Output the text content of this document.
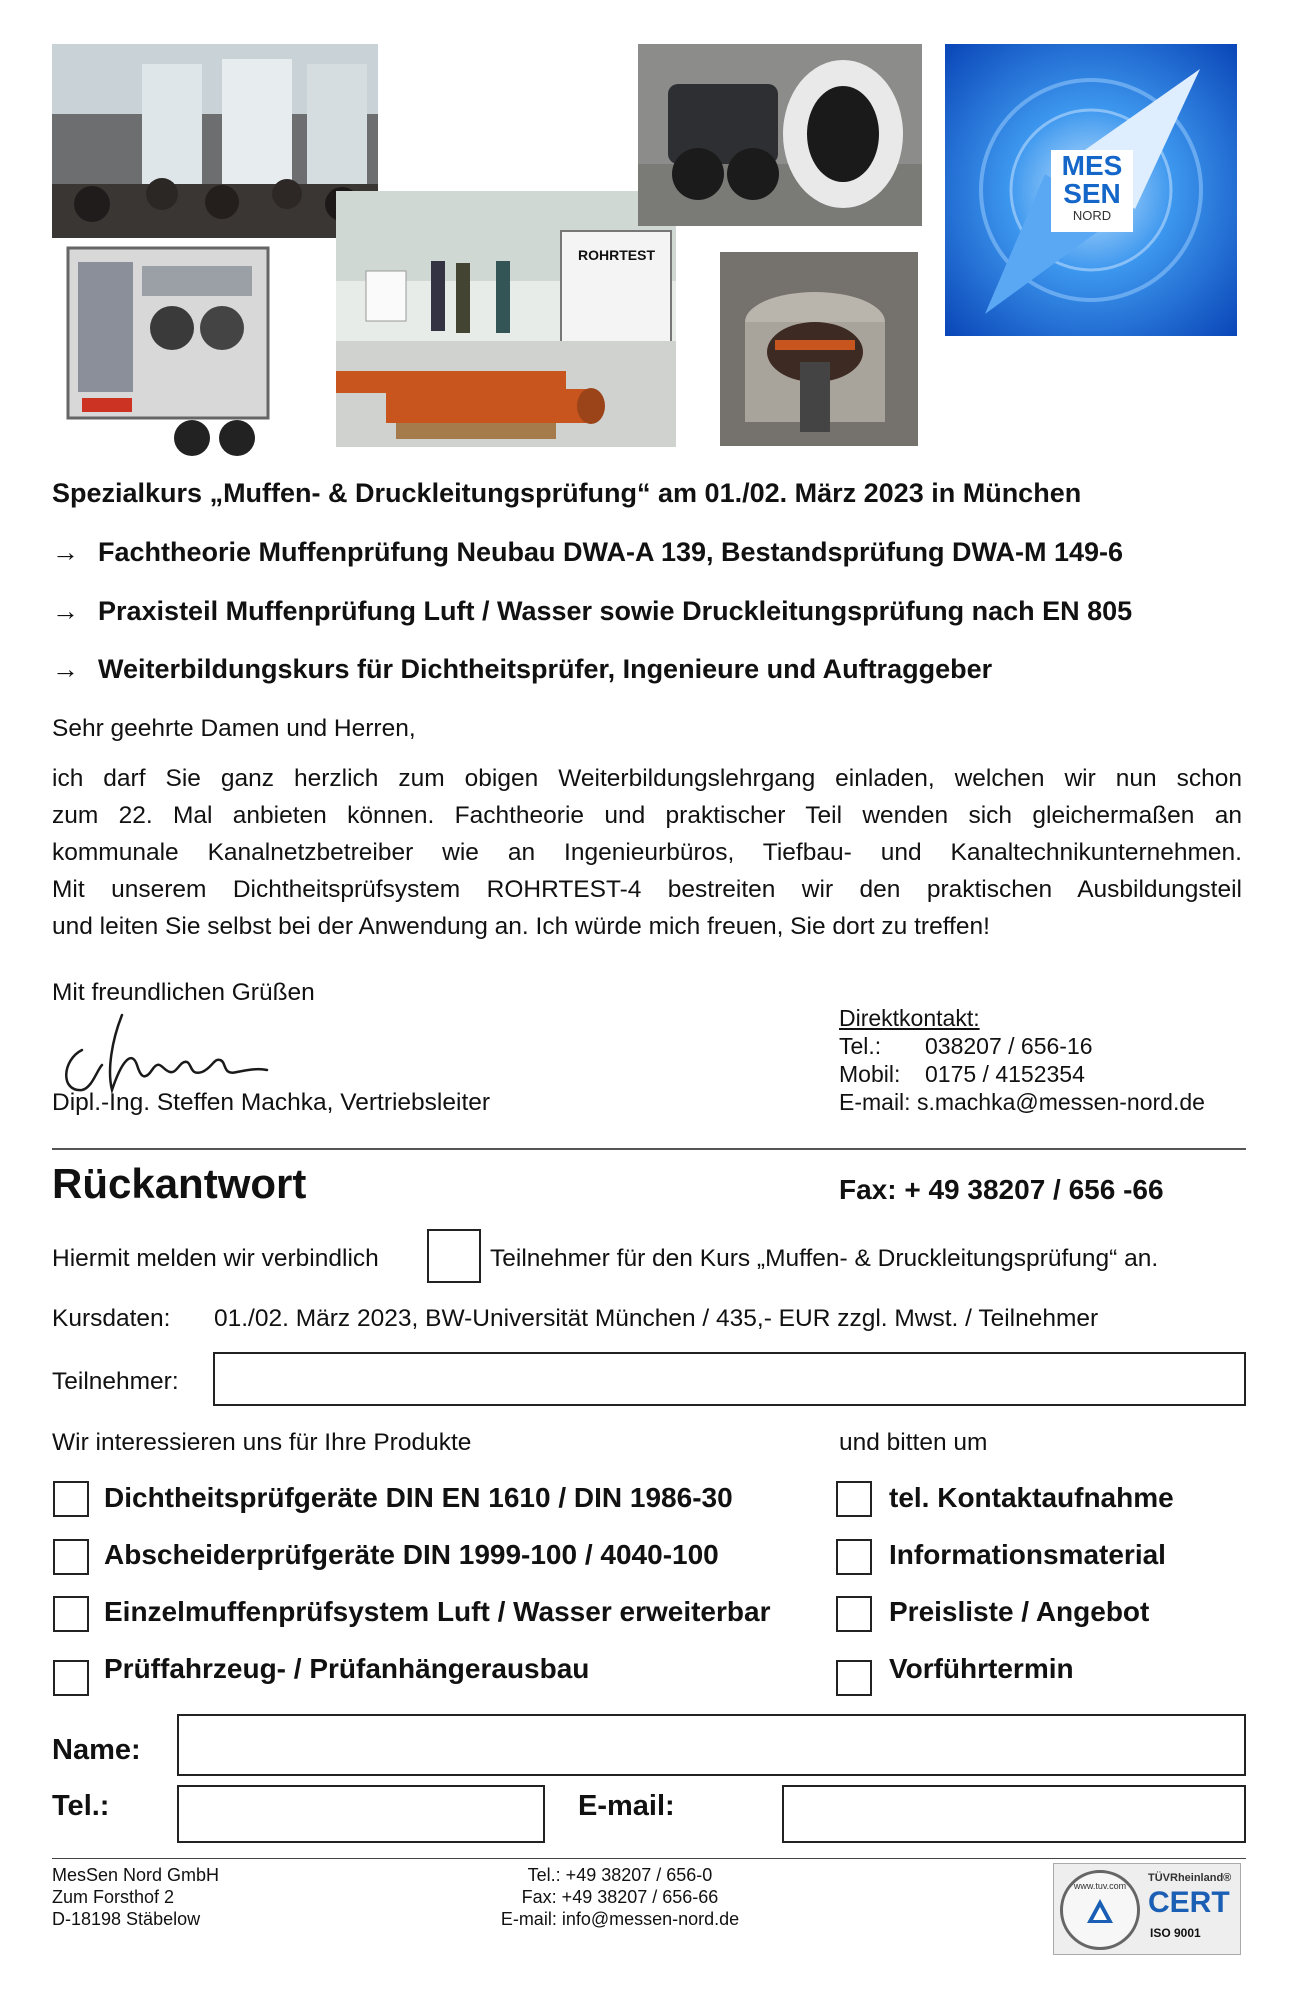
ROHRTEST
MES
SEN
NORD
Spezialkurs „Muffen- & Druckleitungsprüfung“ am 01./02. März 2023 in München
→ Fachtheorie Muffenprüfung Neubau DWA-A 139, Bestandsprüfung DWA-M 149-6
→ Praxisteil Muffenprüfung Luft / Wasser sowie Druckleitungsprüfung nach EN 805
→ Weiterbildungskurs für Dichtheitsprüfer, Ingenieure und Auftraggeber
Sehr geehrte Damen und Herren,
ich darf Sie ganz herzlich zum obigen Weiterbildungslehrgang einladen, welchen wir nun schon
zum 22. Mal anbieten können. Fachtheorie und praktischer Teil wenden sich gleichermaßen an
kommunale Kanalnetzbetreiber wie an Ingenieurbüros, Tiefbau- und Kanaltechnikunternehmen.
Mit unserem Dichtheitsprüfsystem ROHRTEST-4 bestreiten wir den praktischen Ausbildungsteil
und leiten Sie selbst bei der Anwendung an. Ich würde mich freuen, Sie dort zu treffen!
Mit freundlichen Grüßen
Dipl.-Ing. Steffen Machka, Vertriebsleiter
Direktkontakt:
Tel.: 038207 / 656-16
Mobil: 0175 / 4152354
E-mail: s.machka@messen-nord.de
Rückantwort	Fax: + 49 38207 / 656 -66
Hiermit melden wir verbindlich	Teilnehmer für den Kurs „Muffen- & Druckleitungsprüfung“ an.
Kursdaten: 01./02. März 2023, BW-Universität München / 435,- EUR zzgl. Mwst. / Teilnehmer
Teilnehmer:
Wir interessieren uns für Ihre Produkte	und bitten um
Dichtheitsprüfgeräte DIN EN 1610 / DIN 1986-30
Abscheiderprüfgeräte DIN 1999-100 / 4040-100
Einzelmuffenprüfsystem Luft / Wasser erweiterbar
Prüffahrzeug- / Prüfanhängerausbau
tel. Kontaktaufnahme
Informationsmaterial
Preisliste / Angebot
Vorführtermin
Name:
Tel.:	E-mail:
MesSen Nord GmbH
Zum Forsthof 2
D-18198 Stäbelow
Tel.: +49 38207 / 656-0
Fax: +49 38207 / 656-66
E-mail: info@messen-nord.de
www.tuv.com
TÜVRheinland®
CERT
ISO 9001
